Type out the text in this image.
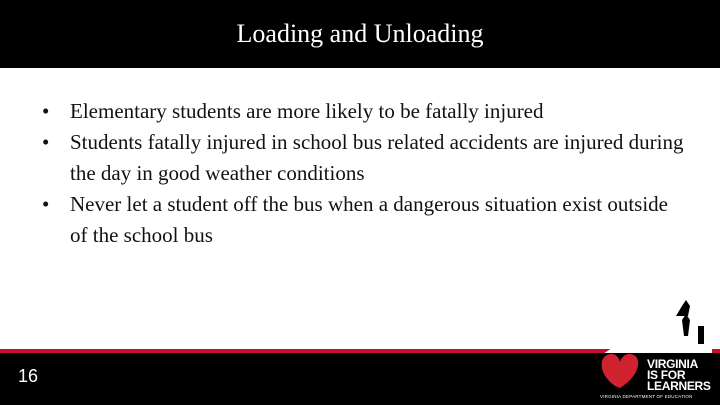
Loading and Unloading
• Elementary students are more likely to be fatally injured
• Students fatally injured in school bus related accidents are injured during the day in good weather conditions
• Never let a student off the bus when a dangerous situation exist outside of the school bus
16
VIRGINIA
IS FOR
LEARNERS
VIRGINIA DEPARTMENT OF EDUCATION
